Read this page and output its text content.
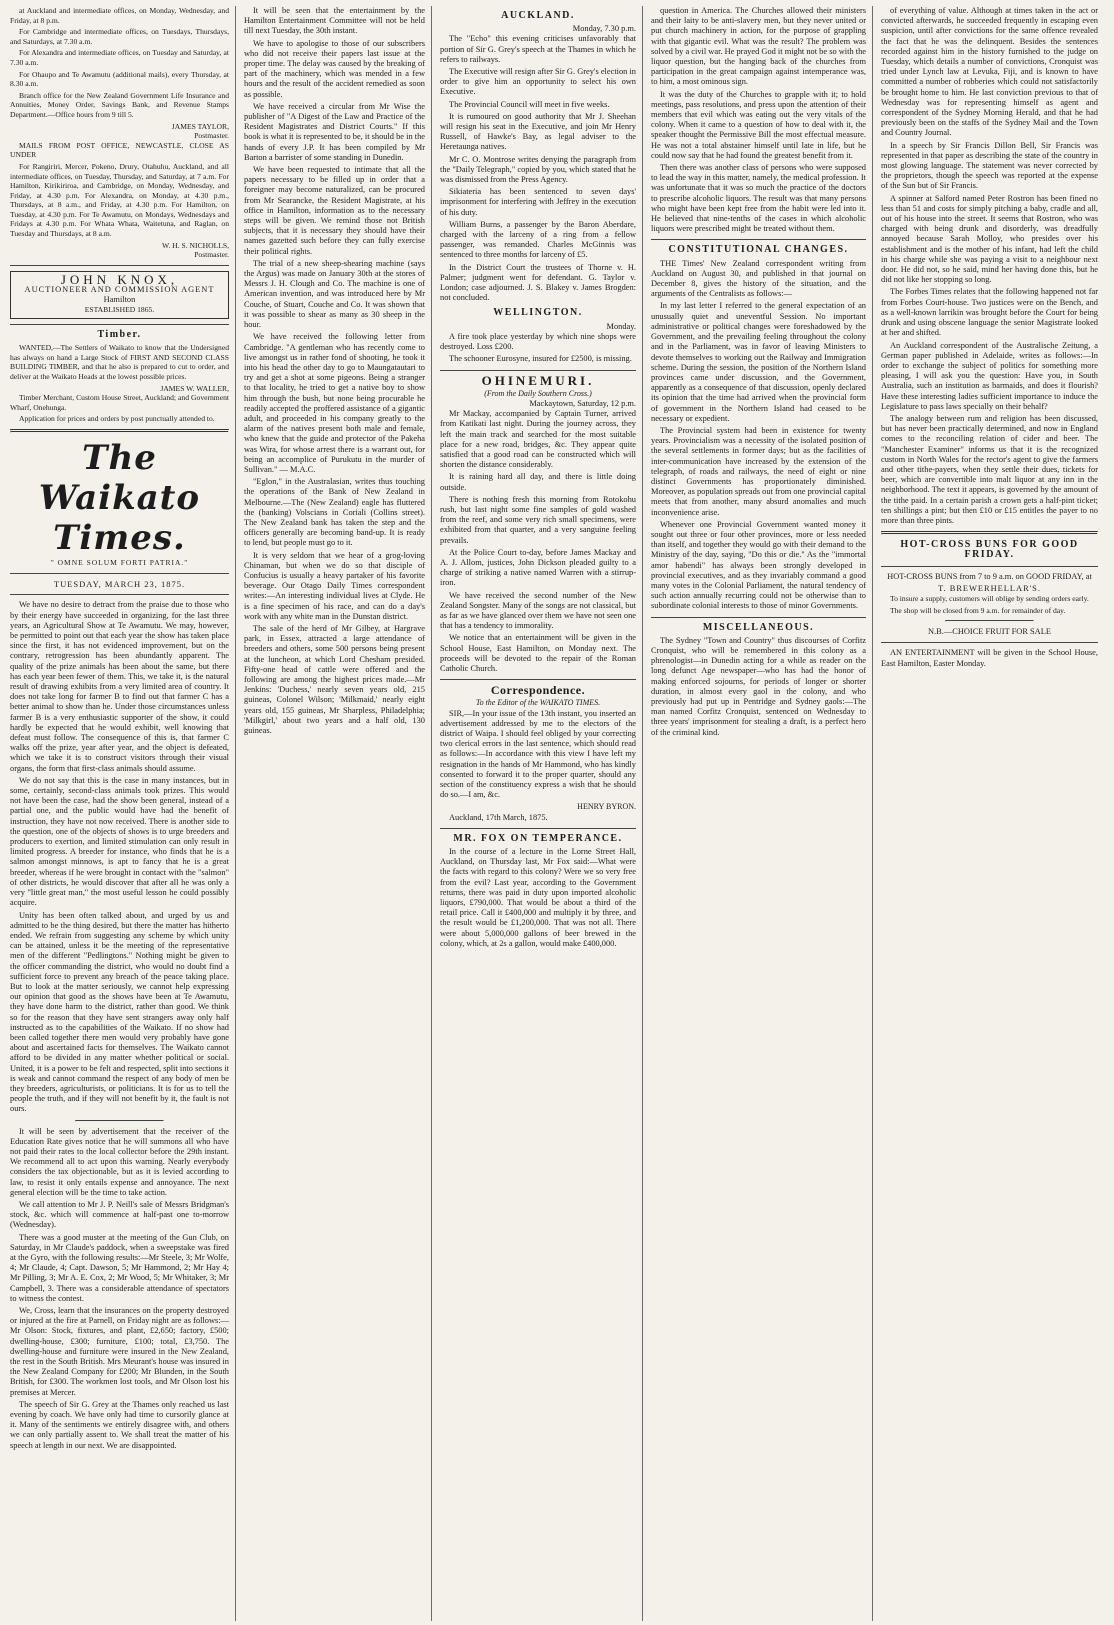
at Auckland and intermediate offices, on Monday, Wednesday, and Friday, at 8 p.m.

For Cambridge and intermediate offices, on Tuesdays, Thursdays, and Saturdays, at 7.30 a.m.

For Alexandra and intermediate offices, on Tuesday and Saturday, at 7.30 a.m.

For Ohaupo and Te Awamutu (additional mails), every Thursday, at 8.30 a.m.

Branch office for the New Zealand Government Life Insurance and Annuities, Money Order, Savings Bank, and Revenue Stamps Department.—Office hours from 9 till 5.

JAMES TAYLOR,
Postmaster.

MAILS FROM POST OFFICE, NEWCASTLE, CLOSE AS UNDER

For Rangiriri, Mercer, Pokeno, Drury, Otahuhu, Auckland, and all intermediate offices, on Tuesday, Thursday, and Saturday, at 7 a.m. For Hamilton, Kirikiriroa, and Cambridge, on Monday, Wednesday, and Friday, at 4.30 p.m. For Alexandra, on Monday, at 4.30 p.m., Thursdays, at 8 a.m., and Friday, at 4.30 p.m. For Hamilton, on Tuesday, at 4.30 p.m. For Te Awamutu, on Mondays, Wednesdays and Fridays at 4.30 p.m. For Whata Whata, Waitetuna, and Raglan, on Tuesday and Thursdays, at 8 a.m.

W. H. S. NICHOLLS,
Postmaster.
JOHN KNOX,
AUCTIONEER AND COMMISSION AGENT
Hamilton
ESTABLISHED 1865.
Timber.

WANTED,—The Settlers of Waikato to know that the Undersigned has always on hand a Large Stock of FIRST AND SECOND CLASS BUILDING TIMBER, and that he also is prepared to cut to order, and deliver at the Waikato Heads at the lowest possible prices.

JAMES W. WALLER,

Timber Merchant, Custom House Street, Auckland; and Government Wharf, Onehunga.

Application for prices and orders by post punctually attended to.

The Waikato Times.
" OMNE SOLUM FORTI PATRIA."
TUESDAY, MARCH 23, 1875.

We have no desire to detract from the praise due to those who by their energy have succeeded in organizing, for the last three years, an Agricultural Show at Te Awamutu. We may, however, be permitted to point out that each year the show has taken place since the first, it has not evidenced improvement, but on the contrary, retrogression has been abundantly apparent. The quality of the prize animals has been about the same, but there has each year been fewer of them. This, we take it, is the natural result of drawing exhibits from a very limited area of country. It does not take long for farmer B to find out that farmer C has a better animal to show than he. Under those circumstances unless farmer B is a very enthusiastic supporter of the show, it could hardly be expected that he would exhibit, well knowing that defeat must follow. The consequence of this is, that farmer C walks off the prize, year after year, and the object is defeated, which we take it is to construct visitors through their visual organs, the form that first-class animals should assume.

We do not say that this is the case in many instances, but in some, certainly, second-class animals took prizes. This would not have been the case, had the show been general, instead of a partial one, and the public would have had the benefit of instruction, they have not now received. There is another side to the question, one of the objects of shows is to urge breeders and producers to exertion, and limited stimulation can only result in limited progress. A breeder for instance, who finds that he is a salmon amongst minnows, is apt to fancy that he is a great breeder, whereas if he were brought in contact with the "salmon" of other districts, he would discover that after all he was only a very "little great man," the most useful lesson he could possibly acquire.

Unity has been often talked about, and urged by us and admitted to be the thing desired, but there the matter has hitherto ended. We refrain from suggesting any scheme by which unity can be attained, unless it be the meeting of the representative men of the different "Pedlingtons." Nothing might be given to the officer commanding the district, who would no doubt find a sufficient force to prevent any breach of the peace taking place. But to look at the matter seriously, we cannot help expressing our opinion that good as the shows have been at Te Awamutu, they have done harm to the district, rather than good. We think so for the reason that they have sent strangers away only half instructed as to the capabilities of the Waikato. If no show had been called together there men would very probably have gone about and ascertained facts for themselves. The Waikato cannot afford to be divided in any matter whether political or social. United, it is a power to be felt and respected, split into sections it is weak and cannot command the respect of any body of men be they breeders, agriculturists, or politicians. It is for us to tell the people the truth, and if they will not benefit by it, the fault is not ours.

It will be seen by advertisement that the receiver of the Education Rate gives notice that he will summons all who have not paid their rates to the local collector before the 29th instant. We recommend all to act upon this warning. Nearly everybody considers the tax objectionable, but as it is levied according to law, to resist it only entails expense and annoyance. The next general election will be the time to take action.

We call attention to Mr J. P. Neill's sale of Messrs Bridgman's stock, &c. which will commence at half-past one to-morrow (Wednesday).

There was a good muster at the meeting of the Gun Club, on Saturday, in Mr Claude's paddock, when a sweepstake was fired at the Gyro, with the following results:—Mr Steele, 3; Mr Wolfe, 4; Mr Claude, 4; Capt. Dawson, 5; Mr Hammond, 2; Mr Hay 4; Mr Pilling, 3; Mr A. E. Cox, 2; Mr Wood, 5; Mr Whitaker, 3; Mr Campbell, 3. There was a considerable attendance of spectators to witness the contest.

We, Cross, learn that the insurances on the property destroyed or injured at the fire at Parnell, on Friday night are as follows:—Mr Olson: Stock, fixtures, and plant, £2,650; factory, £500; dwelling-house, £300; furniture, £100; total, £3,750. The dwelling-house and furniture were insured in the New Zealand, the rest in the South British. Mrs Meurant's house was insured in the New Zealand Company for £200; Mr Blunden, in the South British, for £300. The workmen lost tools, and Mr Olson lost his premises at Mercer.

The speech of Sir G. Grey at the Thames only reached us last evening by coach. We have only had time to cursorily glance at it. Many of the sentiments we entirely disagree with, and others we can only partially assent to. We shall treat the matter of his speech at length in our next. We are disappointed.

It will be seen that the entertainment by the Hamilton Entertainment Committee will not be held till next Tuesday, the 30th instant.

We have to apologise to those of our subscribers who did not receive their papers last issue at the proper time. The delay was caused by the breaking of part of the machinery, which was mended in a few hours and the result of the accident remedied as soon as possible.

We have received a circular from Mr Wise the publisher of "A Digest of the Law and Practice of the Resident Magistrates and District Courts." If this book is what it is represented to be, it should be in the hands of every J.P. It has been compiled by Mr Barton a barrister of some standing in Dunedin.

We have been requested to intimate that all the papers necessary to be filled up in order that a foreigner may become naturalized, can be procured from Mr Searancke, the Resident Magistrate, at his office in Hamilton, information as to the necessary steps will be given. We remind those not British subjects, that it is necessary they should have their names gazetted such before they can fully exercise their political rights.

The trial of a new sheep-shearing machine (says the Argus) was made on January 30th at the stores of Messrs J. H. Clough and Co. The machine is one of American invention, and was introduced here by Mr Couche, of Stuart, Couche and Co. It was shown that it was possible to shear as many as 30 sheep in the hour.

We have received the following letter from Cambridge. "A gentleman who has recently come to live amongst us in rather fond of shooting, he took it into his head the other day to go to Maungatautari to try and get a shot at some pigeons. Being a stranger to that locality, he tried to get a native boy to show him through the bush, but none being procurable he readily accepted the proffered assistance of a gigantic adult, and proceeded in his company greatly to the alarm of the natives present both male and female, who knew that the guide and protector of the Pakeha was Wira, for whose arrest there is a warrant out, for being an accomplice of Purukutu in the murder of Sullivan." — M.A.C.

"Eglon," in the Australasian, writes thus touching the operations of the Bank of New Zealand in Melbourne.—The (New Zealand) eagle has fluttered the (banking) Volscians in Coriali (Collins street). The New Zealand bank has taken the step and the officers generally are becoming band-up. It is ready to lend, but people must go to it.

It is very seldom that we hear of a grog-loving Chinaman, but when we do so that disciple of Confucius is usually a heavy partaker of his favorite beverage. Our Otago Daily Times correspondent writes:—An interesting individual lives at Clyde. He is a fine specimen of his race, and can do a day's work with any white man in the Dunstan district.

The sale of the herd of Mr Gilbey, at Hargrave park, in Essex, attracted a large attendance of breeders and others, some 500 persons being present at the luncheon, at which Lord Chesham presided. Fifty-one head of cattle were offered and the following are among the highest prices made.—Mr Jenkins: 'Duchess,' nearly seven years old, 215 guineas, Colonel Wilson; 'Milkmaid,' nearly eight years old, 155 guineas, Mr Sharpless, Philadelphia; 'Milkgirl,' about two years and a half old, 130 guineas.

AUCKLAND.
Monday, 7.30 p.m.

The "Echo" this evening criticises unfavorably that portion of Sir G. Grey's speech at the Thames in which he refers to railways.

The Executive will resign after Sir G. Grey's election in order to give him an opportunity to select his own Executive.

The Provincial Council will meet in five weeks.

It is rumoured on good authority that Mr J. Sheehan will resign his seat in the Executive, and join Mr Henry Russell, of Hawke's Bay, as legal adviser to the Heretaunga natives.

Mr C. O. Montrose writes denying the paragraph from the "Daily Telegraph," copied by you, which stated that he was dismissed from the Press Agency.

Sikiateria has been sentenced to seven days' imprisonment for interfering with Jeffrey in the execution of his duty.

William Burns, a passenger by the Baron Aberdare, charged with the larceny of a ring from a fellow passenger, was remanded. Charles McGinnis was sentenced to three months for larceny of £5.

In the District Court the trustees of Thorne v. H. Palmer; judgment went for defendant. G. Taylor v. London; case adjourned. J. S. Blakey v. James Brogden: not concluded.

WELLINGTON.
Monday.

A fire took place yesterday by which nine shops were destroyed. Loss £200.

The schooner Eurosyne, insured for £2500, is missing.

OHINEMURI.
(From the Daily Southern Cross.)
Mackaytown, Saturday, 12 p.m.

Mr Mackay, accompanied by Captain Turner, arrived from Katikati last night. During the journey across, they left the main track and searched for the most suitable place for a new road, bridges, &c. They appear quite satisfied that a good road can be constructed which will shorten the distance considerably.

It is raining hard all day, and there is little doing outside.

There is nothing fresh this morning from Rotokohu rush, but last night some fine samples of gold washed from the reef, and some very rich small specimens, were exhibited from that quarter, and a very sanguine feeling prevails.

At the Police Court to-day, before James Mackay and A. J. Allom, justices, John Dickson pleaded guilty to a charge of striking a native named Warren with a stirrup-iron.

We have received the second number of the New Zealand Songster. Many of the songs are not classical, but as far as we have glanced over them we have not seen one that has a tendency to immorality.

We notice that an entertainment will be given in the School House, East Hamilton, on Monday next. The proceeds will be devoted to the repair of the Roman Catholic Church.

Correspondence.
To the Editor of the WAIKATO TIMES.

SIR,—In your issue of the 13th instant, you inserted an advertisement addressed by me to the electors of the district of Waipa. I should feel obliged by your correcting two clerical errors in the last sentence, which should read as follows:—In accordance with this view I have left my resignation in the hands of Mr Hammond, who has kindly consented to forward it to the proper quarter, should any section of the constituency express a wish that he should do so.—I am, &c.

HENRY BYRON.

Auckland, 17th March, 1875.

MR. FOX ON TEMPERANCE.

In the course of a lecture in the Lorne Street Hall, Auckland, on Thursday last, Mr Fox said:—What were the facts with regard to this colony? Were we so very free from the evil? Last year, according to the Government returns, there was paid in duty upon imported alcoholic liquors, £790,000. That would be about a third of the retail price. Call it £400,000 and multiply it by three, and the result would be £1,200,000. That was not all. There were about 5,000,000 gallons of beer brewed in the colony, which, at 2s a gallon, would make £400,000.

question in America. The Churches allowed their ministers and their laity to be anti-slavery men, but they never united or put church machinery in action, for the purpose of grappling with that gigantic evil. What was the result? The problem was solved by a civil war. He prayed God it might not be so with the liquor question, but the hanging back of the churches from participation in the great campaign against intemperance was, to him, a most ominous sign.

It was the duty of the Churches to grapple with it; to hold meetings, pass resolutions, and press upon the attention of their members that evil which was eating out the very vitals of the colony. When it came to a question of how to deal with it, the speaker thought the Permissive Bill the most effectual measure. He was not a total abstainer himself until late in life, but he could now say that he had found the greatest benefit from it.

Then there was another class of persons who were supposed to lead the way in this matter, namely, the medical profession. It was unfortunate that it was so much the practice of the doctors to prescribe alcoholic liquors. The result was that many persons who might have been kept free from the habit were led into it. He believed that nine-tenths of the cases in which alcoholic liquors were prescribed might be treated without them.

CONSTITUTIONAL CHANGES.

THE Times' New Zealand correspondent writing from Auckland on August 30, and published in that journal on December 8, gives the history of the situation, and the arguments of the Centralists as follows:—

In my last letter I referred to the general expectation of an unusually quiet and uneventful Session. No important administrative or political changes were foreshadowed by the Government, and the prevailing feeling throughout the colony and in the Parliament, was in favor of leaving Ministers to devote themselves to working out the Railway and Immigration scheme. During the session, the position of the Northern Island provinces came under discussion, and the Government, apparently as a consequence of that discussion, openly declared its opinion that the time had arrived when the provincial form of government in the Northern Island had ceased to be necessary or expedient.

The Provincial system had been in existence for twenty years. Provincialism was a necessity of the isolated position of the several settlements in former days; but as the facilities of inter-communication have increased by the extension of the telegraph, of roads and railways, the need of eight or nine distinct Governments has proportionately diminished. Moreover, as population spreads out from one provincial capital meets that from another, many absurd anomalies and much inconvenience arise.

Whenever one Provincial Government wanted money it sought out three or four other provinces, more or less needed than itself, and together they would go with their demand to the Ministry of the day, saying, "Do this or die." As the "immortal amor habendi" has always been strongly developed in provincial executives, and as they invariably command a good many votes in the Colonial Parliament, the natural tendency of such action annually recurring could not be otherwise than to subordinate colonial interests to those of minor Governments.

MISCELLANEOUS.

The Sydney "Town and Country" thus discourses of Corfitz Cronquist, who will be remembered in this colony as a phrenologist—in Dunedin acting for a while as reader on the long defunct Age newspaper—who has had the honor of making enforced sojourns, for periods of longer or shorter duration, in almost every gaol in the colony, and who previously had put up in Pentridge and Sydney gaols:—The man named Corfitz Cronquist, sentenced on Wednesday to three years' imprisonment for stealing a draft, is a perfect hero of the criminal kind.

of everything of value. Although at times taken in the act or convicted afterwards, he succeeded frequently in escaping even suspicion, until after convictions for the same offence revealed the fact that he was the delinquent. Besides the sentences recorded against him in the history furnished to the judge on Tuesday, which details a number of convictions, Cronquist was tried under Lynch law at Levuka, Fiji, and is known to have committed a number of robberies which could not satisfactorily be brought home to him. He last conviction previous to that of Wednesday was for representing himself as agent and correspondent of the Sydney Morning Herald, and that he had previously been on the staffs of the Sydney Mail and the Town and Country Journal.

In a speech by Sir Francis Dillon Bell, Sir Francis was represented in that paper as describing the state of the country in most glowing language. The statement was never corrected by the proprietors, though the speech was reported at the expense of the Sun but of Sir Francis.

A spinner at Salford named Peter Rostron has been fined no less than 51 and costs for simply pitching a baby, cradle and all, out of his house into the street. It seems that Rostron, who was charged with being drunk and disorderly, was dreadfully annoyed because Sarah Molloy, who presides over his establishment and is the mother of his infant, had left the child in his charge while she was paying a visit to a neighbour next door. He did not, so he said, mind her having done this, but he did not like her stopping so long.

The Forbes Times relates that the following happened not far from Forbes Court-house. Two justices were on the Bench, and as a well-known larrikin was brought before the Court for being drunk and using obscene language the senior Magistrate looked at her and shifted.

An Auckland correspondent of the Australische Zeitung, a German paper published in Adelaide, writes as follows:—In order to exchange the subject of politics for something more pleasing, I will ask you the question: Have you, in South Australia, such an institution as barmaids, and does it flourish? Have these interesting ladies sufficient importance to induce the Legislature to pass laws specially on their behalf?

The analogy between rum and religion has been discussed, but has never been practically determined, and now in England comes to the reconciling relation of cider and beer. The "Manchester Examiner" informs us that it is the recognized custom in North Wales for the rector's agent to give the farmers and other tithe-payers, when they settle their dues, tickets for beer, which are convertible into malt liquor at any inn in the neighborhood. The text it appears, is governed by the amount of the tithe paid. In a certain parish a crown gets a half-pint ticket; ten shillings a pint; but then £10 or £15 entitles the payer to no more than three pints.

HOT-CROSS BUNS FOR GOOD FRIDAY.

HOT-CROSS BUNS from 7 to 9 a.m. on GOOD FRIDAY, at

T. BREWERHELLAR'S.

To insure a supply, customers will oblige by sending orders early.

The shop will be closed from 9 a.m. for remainder of day.

N.B.—CHOICE FRUIT FOR SALE

AN ENTERTAINMENT will be given in the School House, East Hamilton, Easter Monday.
